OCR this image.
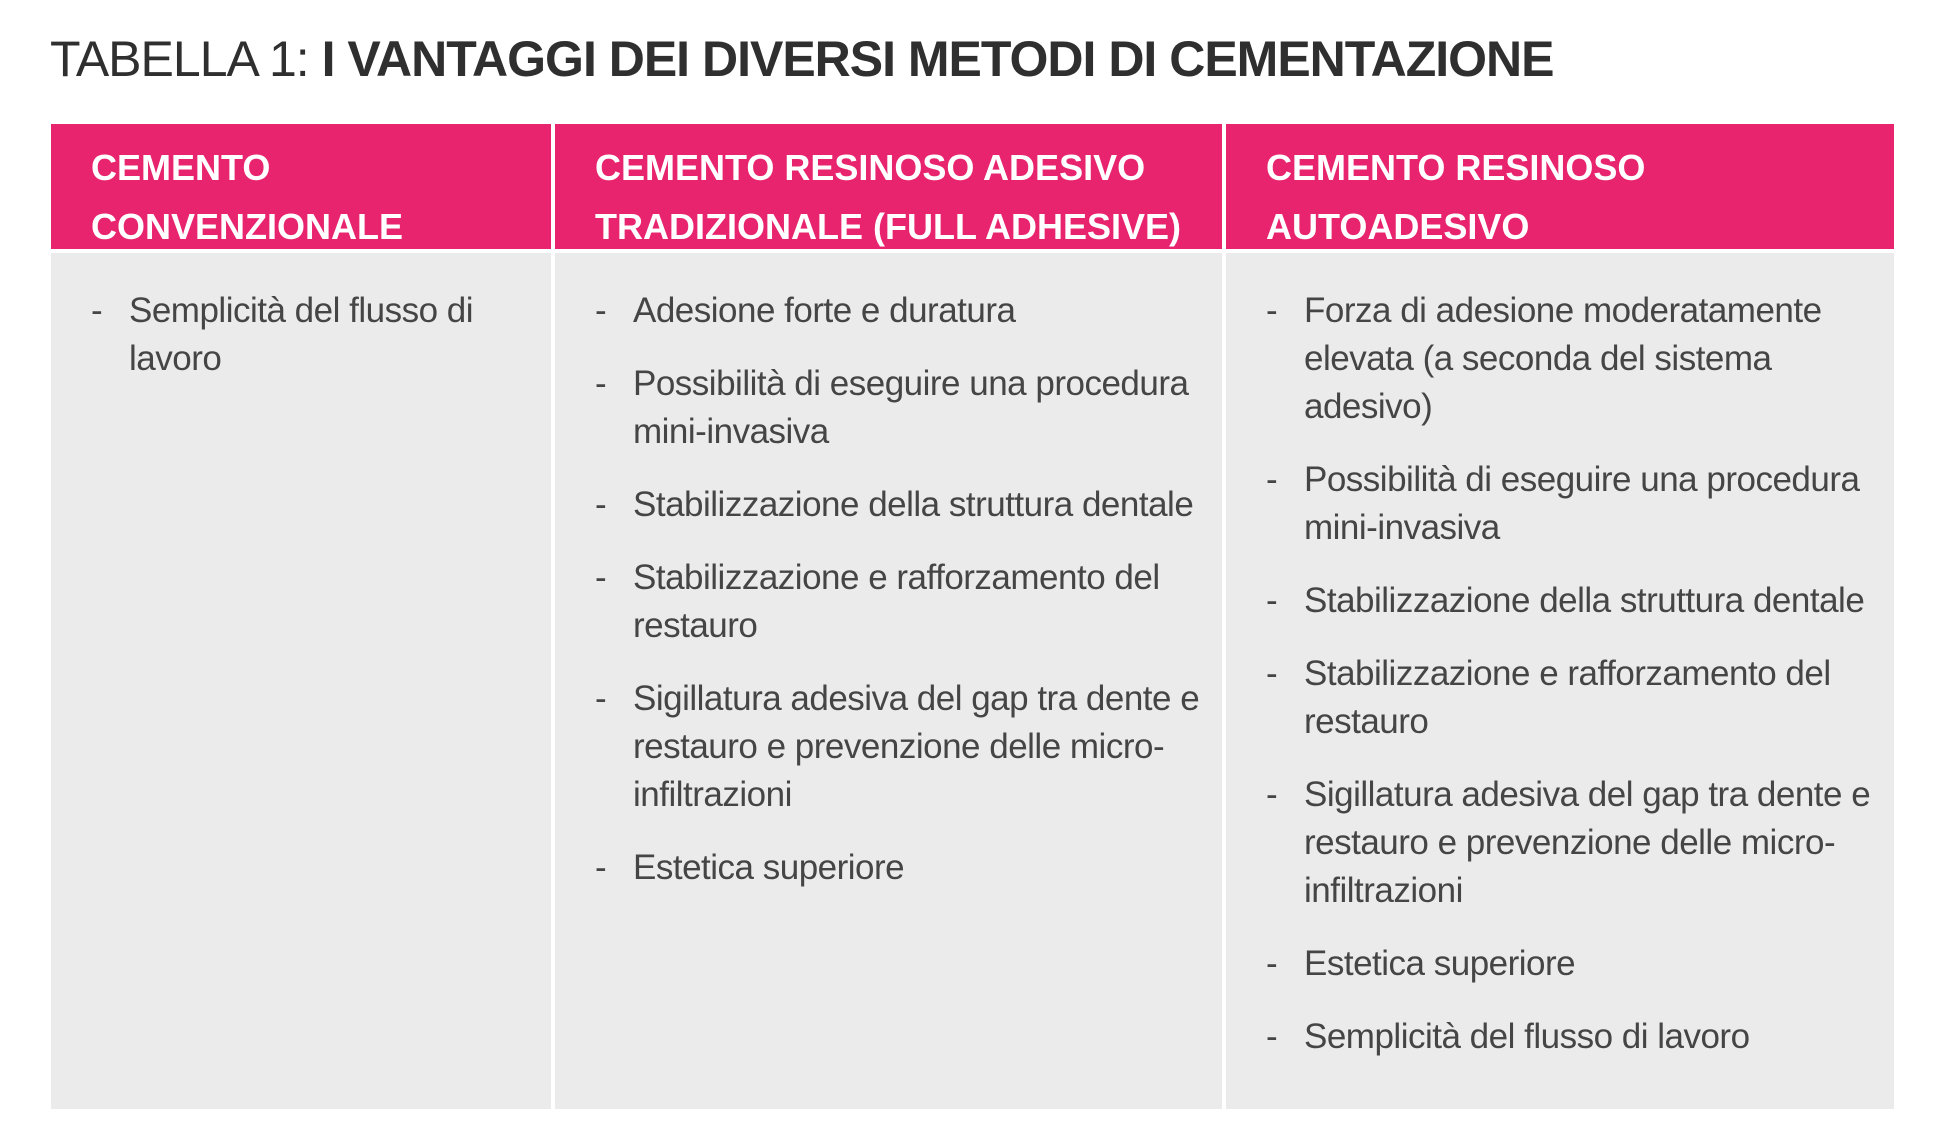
TABELLA 1: I VANTAGGI DEI DIVERSI METODI DI CEMENTAZIONE
CEMENTO CONVENZIONALE
- Semplicità del flusso di lavoro
CEMENTO RESINOSO ADESIVO TRADIZIONALE (FULL ADHESIVE)
- Adesione forte e duratura
- Possibilità di eseguire una procedura mini-invasiva
- Stabilizzazione della struttura dentale
- Stabilizzazione e rafforzamento del restauro
- Sigillatura adesiva del gap tra dente e restauro e prevenzione delle micro-infiltrazioni
- Estetica superiore
CEMENTO RESINOSO AUTOADESIVO
- Forza di adesione moderatamente elevata (a seconda del sistema adesivo)
- Possibilità di eseguire una procedura mini-invasiva
- Stabilizzazione della struttura dentale
- Stabilizzazione e rafforzamento del restauro
- Sigillatura adesiva del gap tra dente e restauro e prevenzione delle micro-infiltrazioni
- Estetica superiore
- Semplicità del flusso di lavoro
